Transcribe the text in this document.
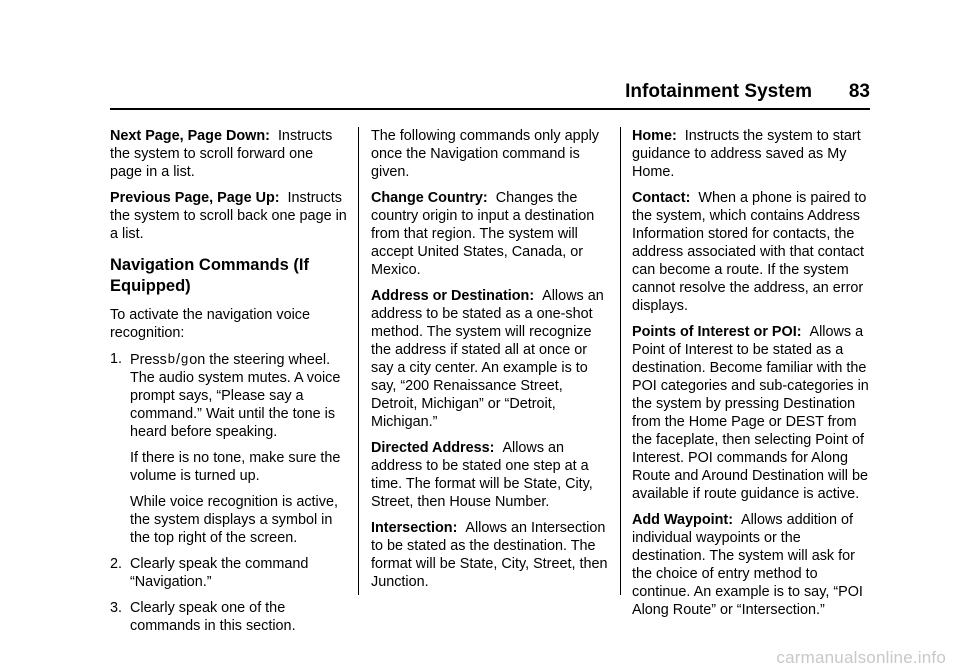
Infotainment System 83

Next Page, Page Down: Instructs the system to scroll forward one page in a list.

Previous Page, Page Up: Instructs the system to scroll back one page in a list.

Navigation Commands (If Equipped)

To activate the navigation voice recognition:

1. Pressb/gon the steering wheel. The audio system mutes. A voice prompt says, “Please say a command.” Wait until the tone is heard before speaking.

If there is no tone, make sure the volume is turned up.

While voice recognition is active, the system displays a symbol in the top right of the screen.

2. Clearly speak the command “Navigation.”

3. Clearly speak one of the commands in this section.

The following commands only apply once the Navigation command is given.

Change Country: Changes the country origin to input a destination from that region. The system will accept United States, Canada, or Mexico.

Address or Destination: Allows an address to be stated as a one-shot method. The system will recognize the address if stated all at once or say a city center. An example is to say, “200 Renaissance Street, Detroit, Michigan” or “Detroit, Michigan.”

Directed Address: Allows an address to be stated one step at a time. The format will be State, City, Street, then House Number.

Intersection: Allows an Intersection to be stated as the destination. The format will be State, City, Street, then Junction.

Home: Instructs the system to start guidance to address saved as My Home.

Contact: When a phone is paired to the system, which contains Address Information stored for contacts, the address associated with that contact can become a route. If the system cannot resolve the address, an error displays.

Points of Interest or POI: Allows a Point of Interest to be stated as a destination. Become familiar with the POI categories and sub-categories in the system by pressing Destination from the Home Page or DEST from the faceplate, then selecting Point of Interest. POI commands for Along Route and Around Destination will be available if route guidance is active.

Add Waypoint: Allows addition of individual waypoints or the destination. The system will ask for the choice of entry method to continue. An example is to say, “POI Along Route” or “Intersection.”

carmanualsonline.info
